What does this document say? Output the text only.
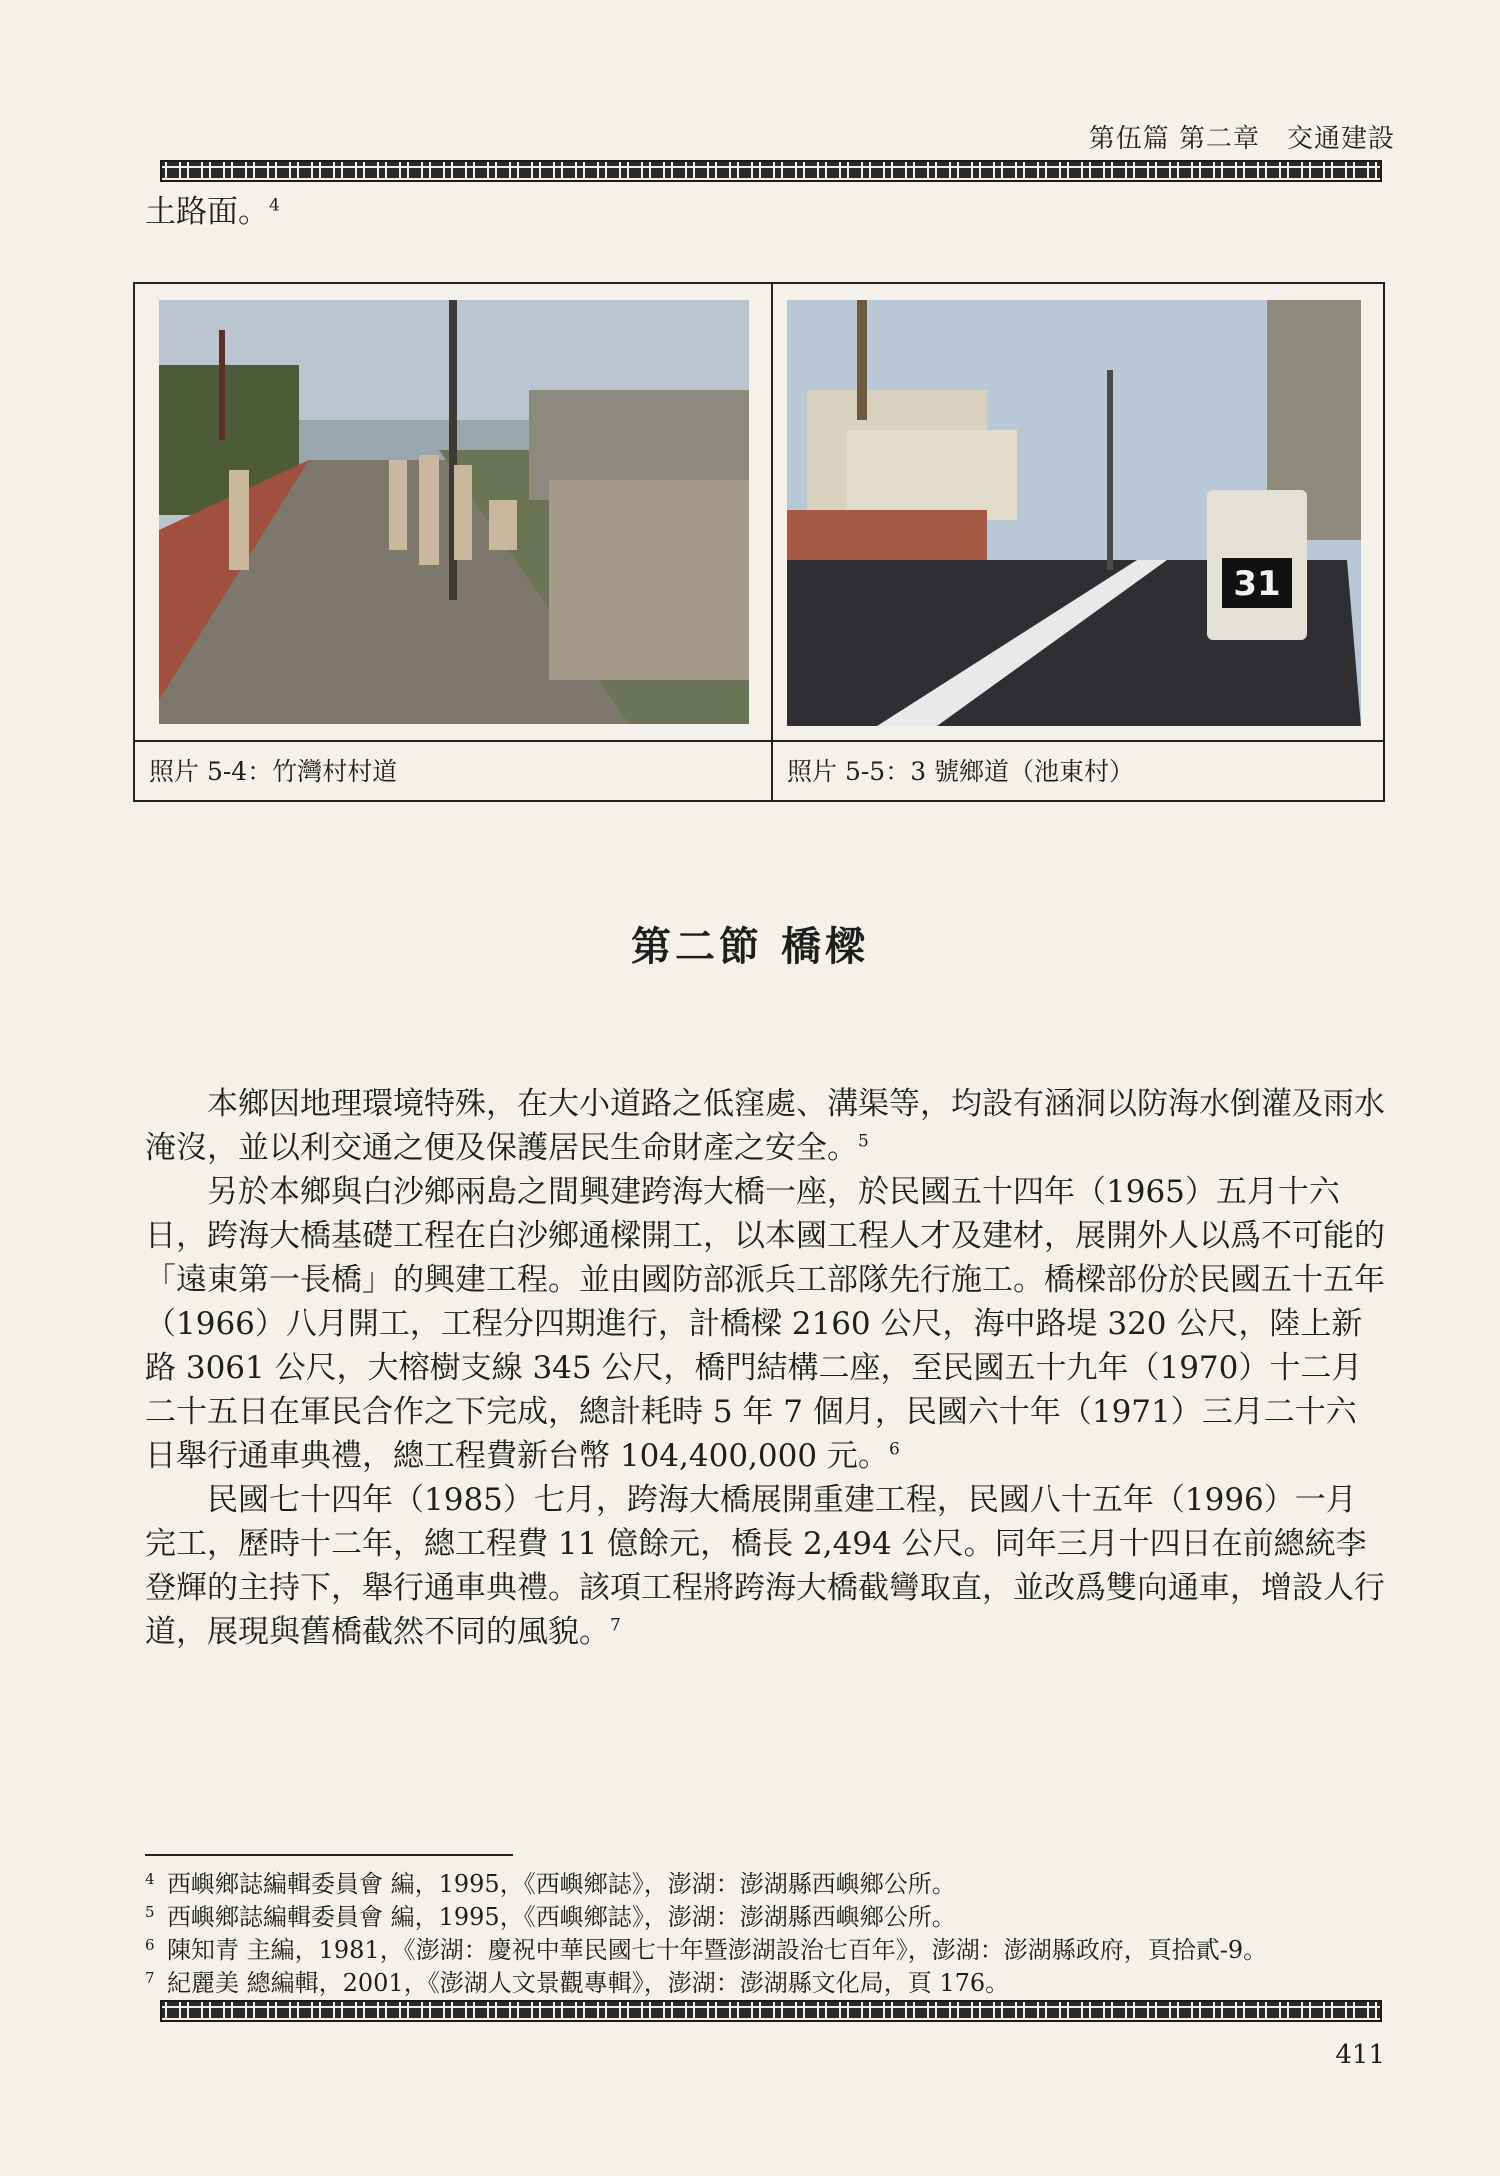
第伍篇 第二章　交通建設
土路面。$^4$
照片 5-4：竹灣村村道
31
照片 5-5：3 號鄉道（池東村）
第二節 橋樑

本鄉因地理環境特殊，在大小道路之低窪處、溝渠等，均設有涵洞以防海水倒灌及雨水淹沒，並以利交通之便及保護居民生命財產之安全。$^5$

另於本鄉與白沙鄉兩島之間興建跨海大橋一座，於民國五十四年（1965）五月十六日，跨海大橋基礎工程在白沙鄉通樑開工，以本國工程人才及建材，展開外人以爲不可能的「遠東第一長橋」的興建工程。並由國防部派兵工部隊先行施工。橋樑部份於民國五十五年（1966）八月開工，工程分四期進行，計橋樑 2160 公尺，海中路堤 320 公尺，陸上新路 3061 公尺，大榕樹支線 345 公尺，橋門結構二座，至民國五十九年（1970）十二月二十五日在軍民合作之下完成，總計耗時 5 年 7 個月，民國六十年（1971）三月二十六日舉行通車典禮，總工程費新台幣 104,400,000 元。$^6$

民國七十四年（1985）七月，跨海大橋展開重建工程，民國八十五年（1996）一月完工，歷時十二年，總工程費 11 億餘元，橋長 2,494 公尺。同年三月十四日在前總統李登輝的主持下，舉行通車典禮。該項工程將跨海大橋截彎取直，並改爲雙向通車，增設人行道，展現與舊橋截然不同的風貌。$^7$

4 西嶼鄉誌編輯委員會 編，1995，《西嶼鄉誌》，澎湖：澎湖縣西嶼鄉公所。
5 西嶼鄉誌編輯委員會 編，1995，《西嶼鄉誌》，澎湖：澎湖縣西嶼鄉公所。
6 陳知青 主編，1981，《澎湖：慶祝中華民國七十年暨澎湖設治七百年》，澎湖：澎湖縣政府，頁拾貳-9。
7 紀麗美 總編輯，2001，《澎湖人文景觀專輯》，澎湖：澎湖縣文化局，頁 176。
411
